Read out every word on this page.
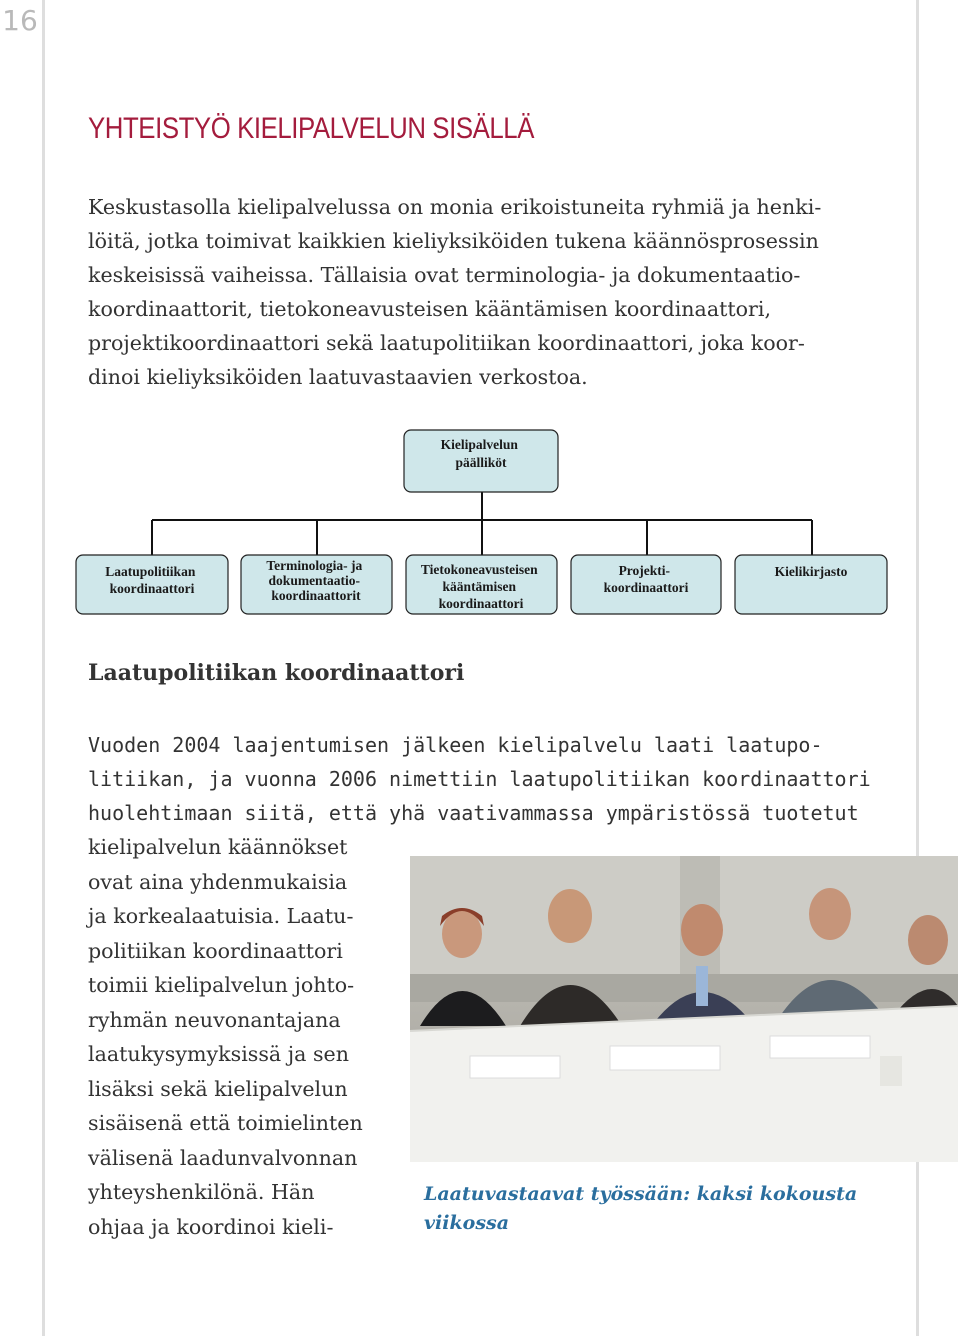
16
YHTEISTYÖ KIELIPALVELUN SISÄLLÄ
Keskustasolla kielipalvelussa on monia erikoistuneita ryhmiä ja henki-
löitä, jotka toimivat kaikkien kieliyksiköiden tukena käännösprosessin
keskeisissä vaiheissa. Tällaisia ovat terminologia- ja dokumentaatio-
koordinaattorit, tietokoneavusteisen kääntämisen koordinaattori,
projektikoordinaattori sekä laatupolitiikan koordinaattori, joka koor-
dinoi kieliyksiköiden laatuvastaavien verkostoa.
Kielipalvelun päälliköt
Laatupolitiikan koordinaattori
Terminologia- ja dokumentaatio- koordinaattorit
Tietokoneavusteisen kääntämisen koordinaattori
Projekti- koordinaattori
Kielikirjasto
Laatupolitiikan koordinaattori
Vuoden 2004 laajentumisen jälkeen kielipalvelu laati laatupo-
litiikan, ja vuonna 2006 nimettiin laatupolitiikan koordinaattori
huolehtimaan siitä, että yhä vaativammassa ympäristössä tuotetut
kielipalvelun käännökset
ovat aina yhdenmukaisia
ja korkealaatuisia. Laatu-
politiikan koordinaattori
toimii kielipalvelun johto-
ryhmän neuvonantajana
laatukysymyksissä ja sen
lisäksi sekä kielipalvelun
sisäisenä että toimielinten
välisenä laadunvalvonnan
yhteyshenkilönä. Hän
ohjaa ja koordinoi kieli-
Laatuvastaavat työssään: kaksi kokousta
viikossa
